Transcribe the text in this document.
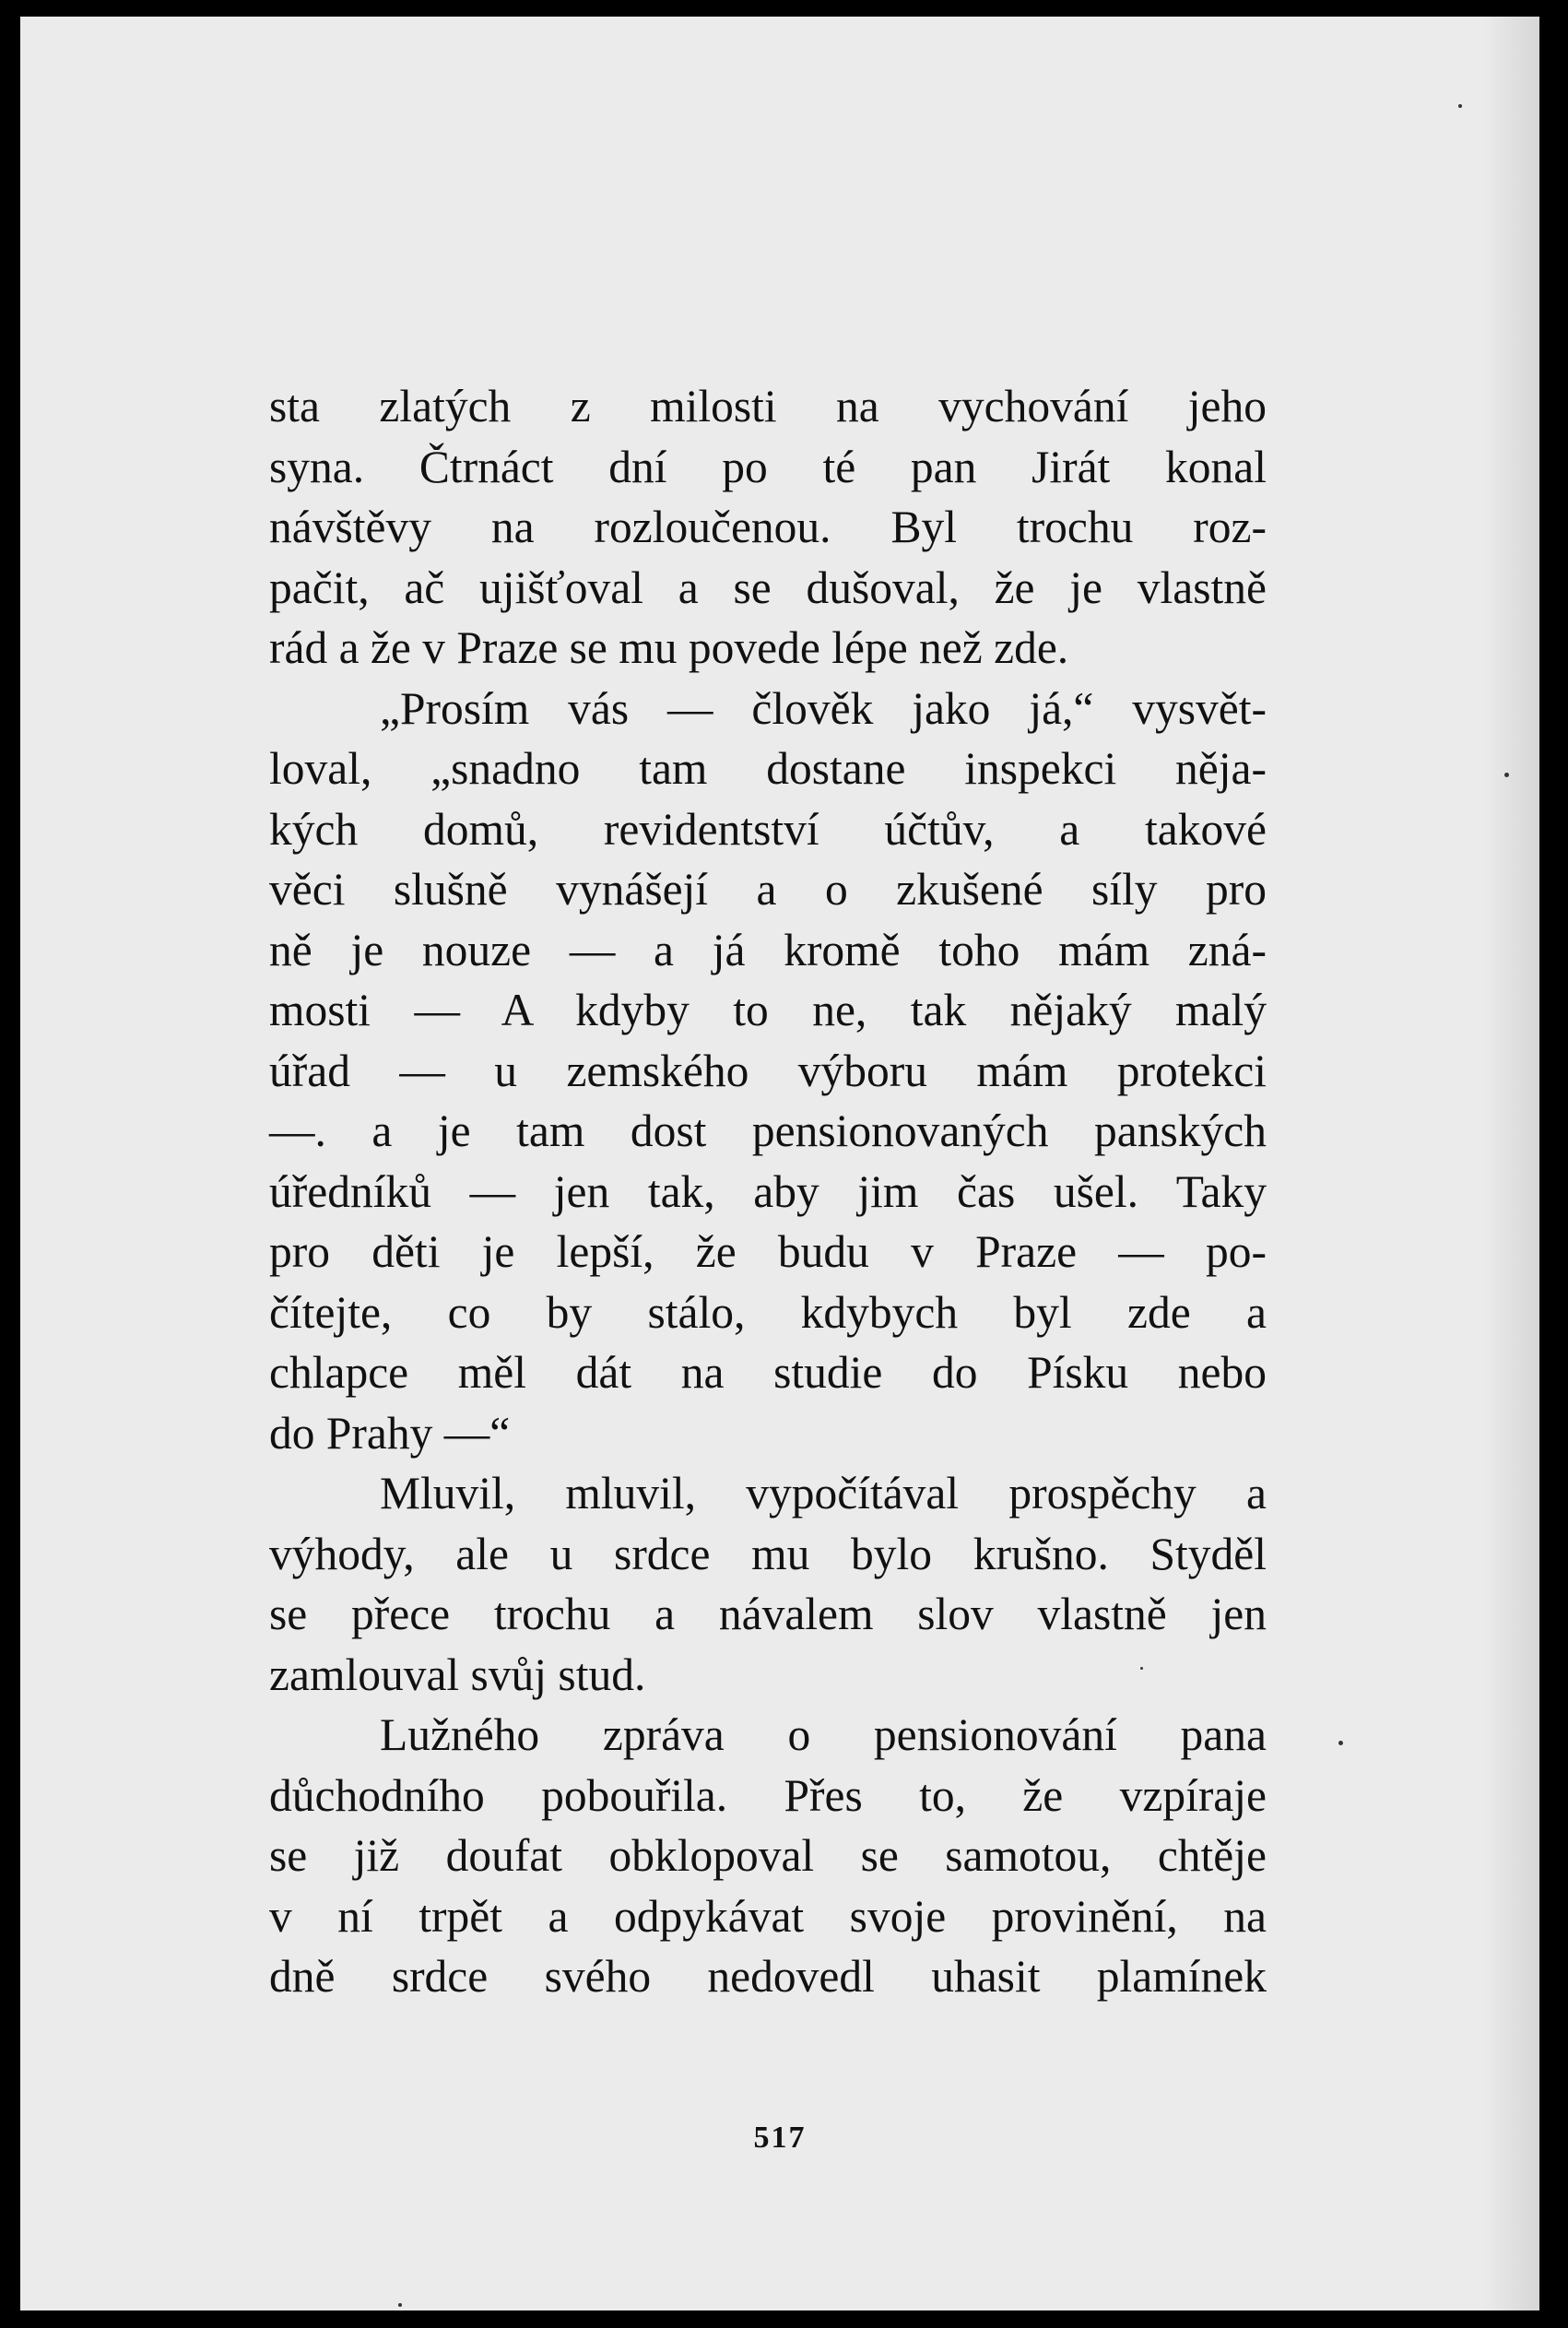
sta zlatých z milosti na vychování jeho
syna. Čtrnáct dní po té pan Jirát konal
návštěvy na rozloučenou. Byl trochu roz-
pačit, ač ujišťoval a se dušoval, že je vlastně
rád a že v Praze se mu povede lépe než zde.
„Prosím vás — člověk jako já,“ vysvět-
loval, „snadno tam dostane inspekci něja-
kých domů, revidentství účtův, a takové
věci slušně vynášejí a o zkušené síly pro
ně je nouze — a já kromě toho mám zná-
mosti — A kdyby to ne, tak nějaký malý
úřad — u zemského výboru mám protekci
—. a je tam dost pensionovaných panských
úředníků — jen tak, aby jim čas ušel. Taky
pro děti je lepší, že budu v Praze — po-
čítejte, co by stálo, kdybych byl zde a
chlapce měl dát na studie do Písku nebo
do Prahy —“
Mluvil, mluvil, vypočítával prospěchy a
výhody, ale u srdce mu bylo krušno. Styděl
se přece trochu a návalem slov vlastně jen
zamlouval svůj stud.
Lužného zpráva o pensionování pana
důchodního pobouřila. Přes to, že vzpíraje
se již doufat obklopoval se samotou, chtěje
v ní trpět a odpykávat svoje provinění, na
dně srdce svého nedovedl uhasit plamínek
517
